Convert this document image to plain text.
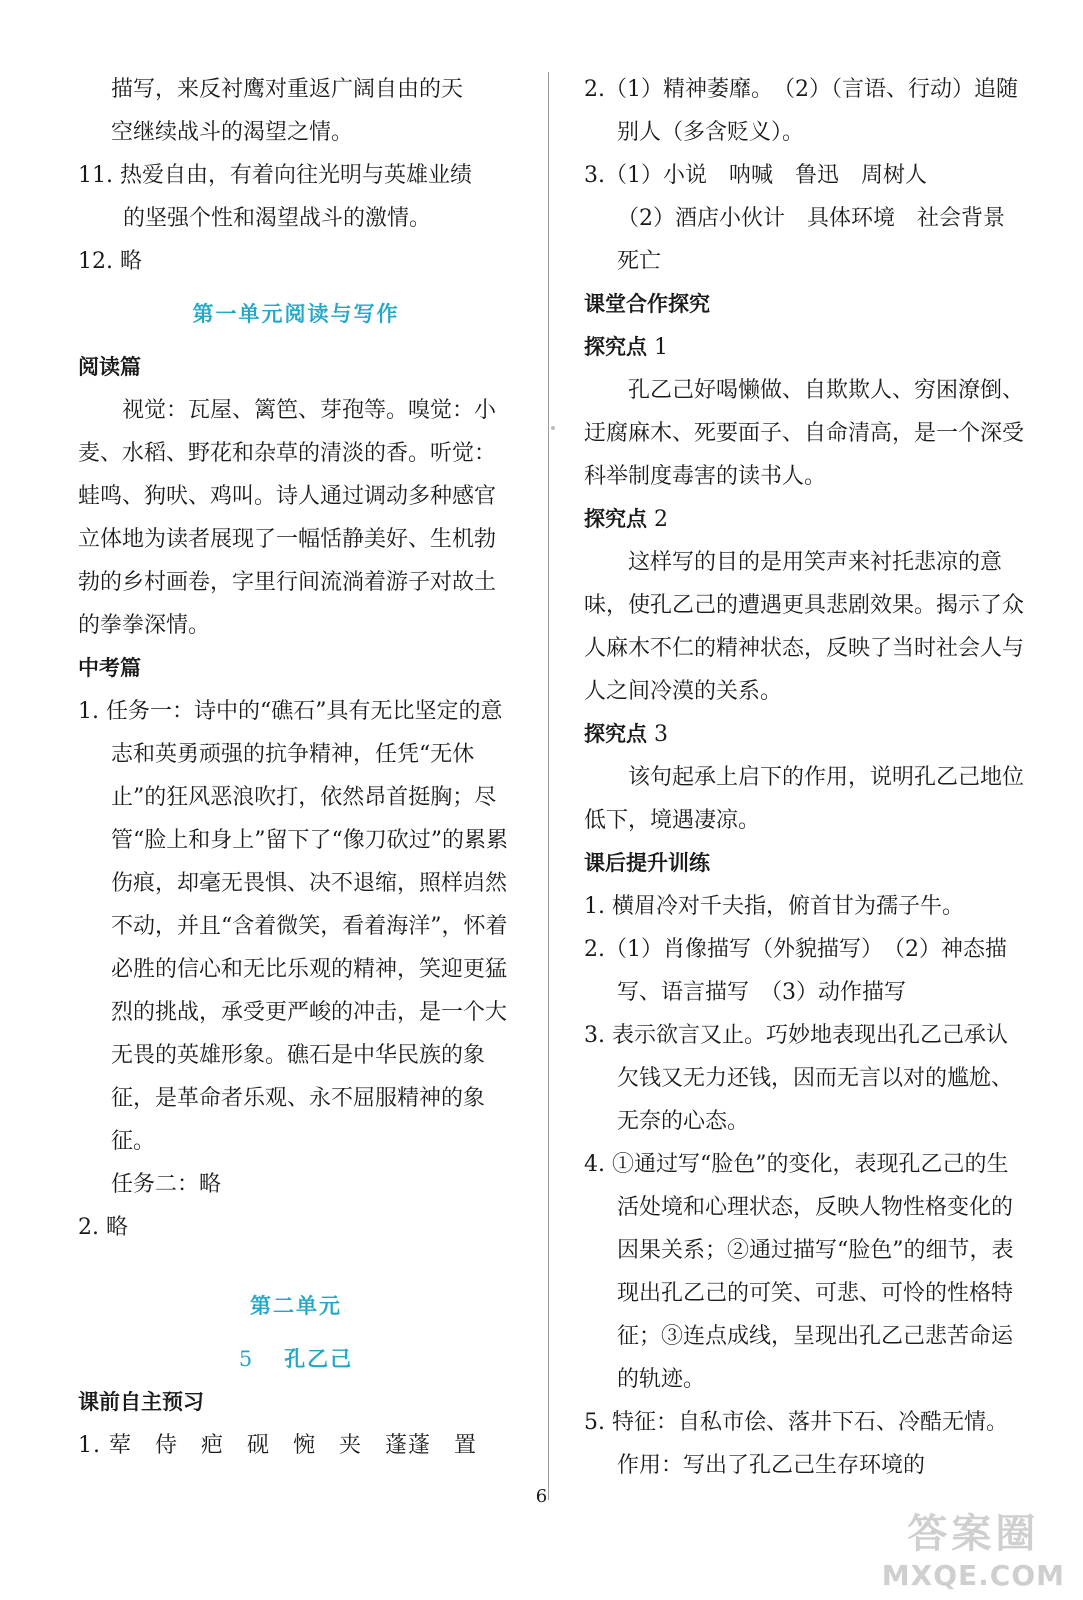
描写，来反衬鹰对重返广阔自由的天

空继续战斗的渴望之情。

11. 热爱自由，有着向往光明与英雄业绩

的坚强个性和渴望战斗的激情。

12. 略

第一单元阅读与写作

阅读篇

视觉：瓦屋、篱笆、芽孢等。嗅觉：小麦、水稻、野花和杂草的清淡的香。听觉：蛙鸣、狗吠、鸡叫。诗人通过调动多种感官立体地为读者展现了一幅恬静美好、生机勃勃的乡村画卷，字里行间流淌着游子对故土的拳拳深情。

中考篇

1. 任务一：诗中的“礁石”具有无比坚定的意志和英勇顽强的抗争精神，任凭“无休止”的狂风恶浪吹打，依然昂首挺胸；尽管“脸上和身上”留下了“像刀砍过”的累累伤痕，却毫无畏惧、决不退缩，照样岿然不动，并且“含着微笑，看着海洋”，怀着必胜的信心和无比乐观的精神，笑迎更猛烈的挑战，承受更严峻的冲击，是一个大无畏的英雄形象。礁石是中华民族的象征，是革命者乐观、永不屈服精神的象征。

任务二：略

2. 略

第二单元

5 孔乙己

课前自主预习

1. 荤　侍　疤　砚　惋　夹　蓬蓬　置

2.（1）精神萎靡。　（2）（言语、行动）追随别人（多含贬义）。

3.（1）小说　呐喊　鲁迅　周树人

（2）酒店小伙计　具体环境　社会背景　死亡

课堂合作探究

探究点 1

孔乙己好喝懒做、自欺欺人、穷困潦倒、迂腐麻木、死要面子、自命清高，是一个深受科举制度毒害的读书人。

探究点 2

这样写的目的是用笑声来衬托悲凉的意味，使孔乙己的遭遇更具悲剧效果。揭示了众人麻木不仁的精神状态，反映了当时社会人与人之间冷漠的关系。

探究点 3

该句起承上启下的作用，说明孔乙己地位低下，境遇凄凉。

课后提升训练

1. 横眉冷对千夫指，俯首甘为孺子牛。

2.（1）肖像描写（外貌描写）　（2）神态描写、语言描写　（3）动作描写

3. 表示欲言又止。巧妙地表现出孔乙己承认欠钱又无力还钱，因而无言以对的尴尬、无奈的心态。

4. ①通过写“脸色”的变化，表现孔乙己的生活处境和心理状态，反映人物性格变化的因果关系；②通过描写“脸色”的细节，表现出孔乙己的可笑、可悲、可怜的性格特征；③连点成线，呈现出孔乙己悲苦命运的轨迹。

5. 特征：自私市侩、落井下石、冷酷无情。作用：写出了孔乙己生存环境的

6
答案圈
MXQE.COM
